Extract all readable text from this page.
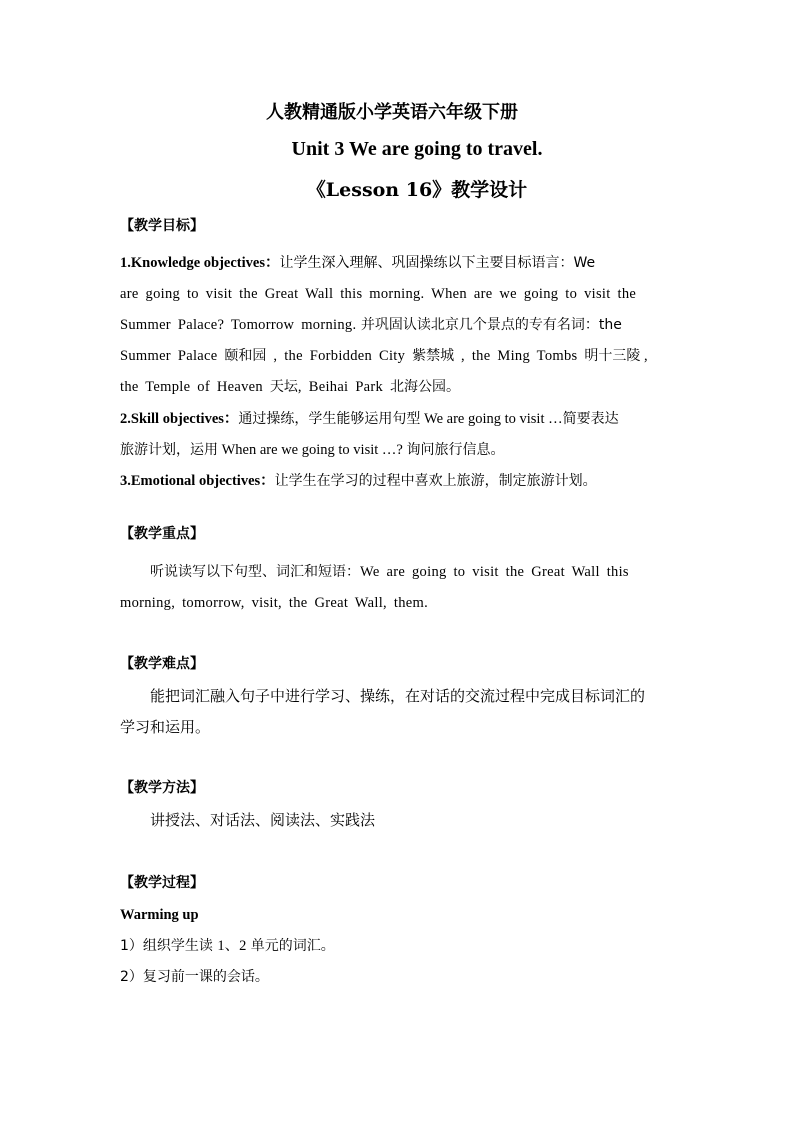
人教精通版小学英语六年级下册
Unit 3 We are going to travel.
《Lesson 16》教学设计
【教学目标】
1.Knowledge objectives：让学生深入理解、巩固操练以下主要目标语言：We
are going to visit the Great Wall this morning. When are we going to visit the
Summer Palace? Tomorrow morning. 并巩固认读北京几个景点的专有名词：the
Summer Palace 颐和园 , the Forbidden City 紫禁城 , the Ming Tombs 明十三陵 ,
the Temple of Heaven 天坛, Beihai Park 北海公园。
2.Skill objectives：通过操练，学生能够运用句型 We are going to visit …简要表达
旅游计划，运用 When are we going to visit …? 询问旅行信息。
3.Emotional objectives：让学生在学习的过程中喜欢上旅游，制定旅游计划。
【教学重点】
听说读写以下句型、词汇和短语：We are going to visit the Great Wall this
morning, tomorrow, visit, the Great Wall, them.
【教学难点】
能把词汇融入句子中进行学习、操练，在对话的交流过程中完成目标词汇的
学习和运用。
【教学方法】
讲授法、对话法、阅读法、实践法
【教学过程】
Warming up
1）组织学生读 1、2 单元的词汇。
2）复习前一课的会话。
